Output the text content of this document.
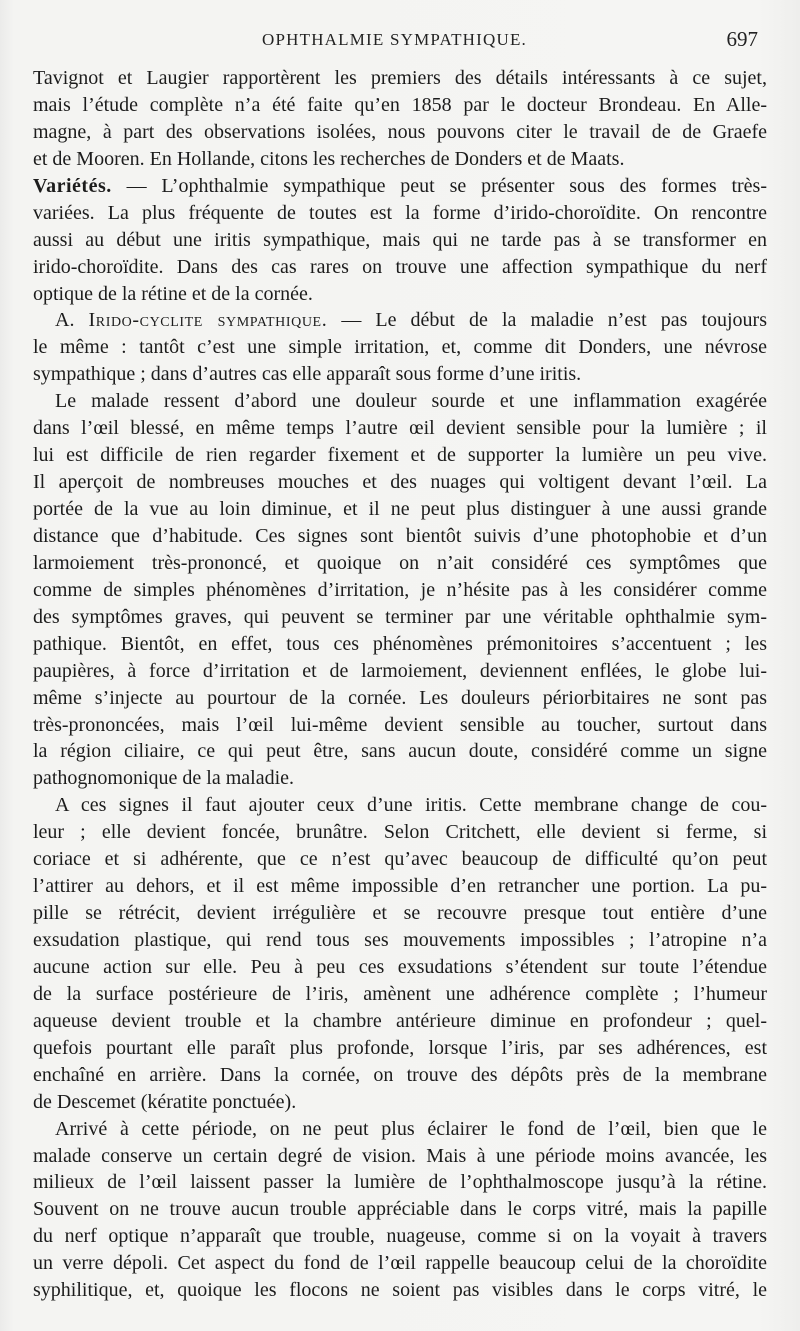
OPHTHALMIE SYMPATHIQUE.	697
Tavignot et Laugier rapportèrent les premiers des détails intéressants à ce sujet,
mais l’étude complète n’a été faite qu’en 1858 par le docteur Brondeau. En Alle-
magne, à part des observations isolées, nous pouvons citer le travail de de Graefe
et de Mooren. En Hollande, citons les recherches de Donders et de Maats.
Variétés. — L’ophthalmie sympathique peut se présenter sous des formes très-
variées. La plus fréquente de toutes est la forme d’irido-choroïdite. On rencontre
aussi au début une iritis sympathique, mais qui ne tarde pas à se transformer en
irido-choroïdite. Dans des cas rares on trouve une affection sympathique du nerf
optique de la rétine et de la cornée.
A. Irido-cyclite sympathique. — Le début de la maladie n’est pas toujours
le même : tantôt c’est une simple irritation, et, comme dit Donders, une névrose
sympathique ; dans d’autres cas elle apparaît sous forme d’une iritis.
Le malade ressent d’abord une douleur sourde et une inflammation exagérée
dans l’œil blessé, en même temps l’autre œil devient sensible pour la lumière ; il
lui est difficile de rien regarder fixement et de supporter la lumière un peu vive.
Il aperçoit de nombreuses mouches et des nuages qui voltigent devant l’œil. La
portée de la vue au loin diminue, et il ne peut plus distinguer à une aussi grande
distance que d’habitude. Ces signes sont bientôt suivis d’une photophobie et d’un
larmoiement très-prononcé, et quoique on n’ait considéré ces symptômes que
comme de simples phénomènes d’irritation, je n’hésite pas à les considérer comme
des symptômes graves, qui peuvent se terminer par une véritable ophthalmie sym-
pathique. Bientôt, en effet, tous ces phénomènes prémonitoires s’accentuent ; les
paupières, à force d’irritation et de larmoiement, deviennent enflées, le globe lui-
même s’injecte au pourtour de la cornée. Les douleurs périorbitaires ne sont pas
très-prononcées, mais l’œil lui-même devient sensible au toucher, surtout dans
la région ciliaire, ce qui peut être, sans aucun doute, considéré comme un signe
pathognomonique de la maladie.
A ces signes il faut ajouter ceux d’une iritis. Cette membrane change de cou-
leur ; elle devient foncée, brunâtre. Selon Critchett, elle devient si ferme, si
coriace et si adhérente, que ce n’est qu’avec beaucoup de difficulté qu’on peut
l’attirer au dehors, et il est même impossible d’en retrancher une portion. La pu-
pille se rétrécit, devient irrégulière et se recouvre presque tout entière d’une
exsudation plastique, qui rend tous ses mouvements impossibles ; l’atropine n’a
aucune action sur elle. Peu à peu ces exsudations s’étendent sur toute l’étendue
de la surface postérieure de l’iris, amènent une adhérence complète ; l’humeur
aqueuse devient trouble et la chambre antérieure diminue en profondeur ; quel-
quefois pourtant elle paraît plus profonde, lorsque l’iris, par ses adhérences, est
enchaîné en arrière. Dans la cornée, on trouve des dépôts près de la membrane
de Descemet (kératite ponctuée).
Arrivé à cette période, on ne peut plus éclairer le fond de l’œil, bien que le
malade conserve un certain degré de vision. Mais à une période moins avancée, les
milieux de l’œil laissent passer la lumière de l’ophthalmoscope jusqu’à la rétine.
Souvent on ne trouve aucun trouble appréciable dans le corps vitré, mais la papille
du nerf optique n’apparaît que trouble, nuageuse, comme si on la voyait à travers
un verre dépoli. Cet aspect du fond de l’œil rappelle beaucoup celui de la choroïdite
syphilitique, et, quoique les flocons ne soient pas visibles dans le corps vitré, le
